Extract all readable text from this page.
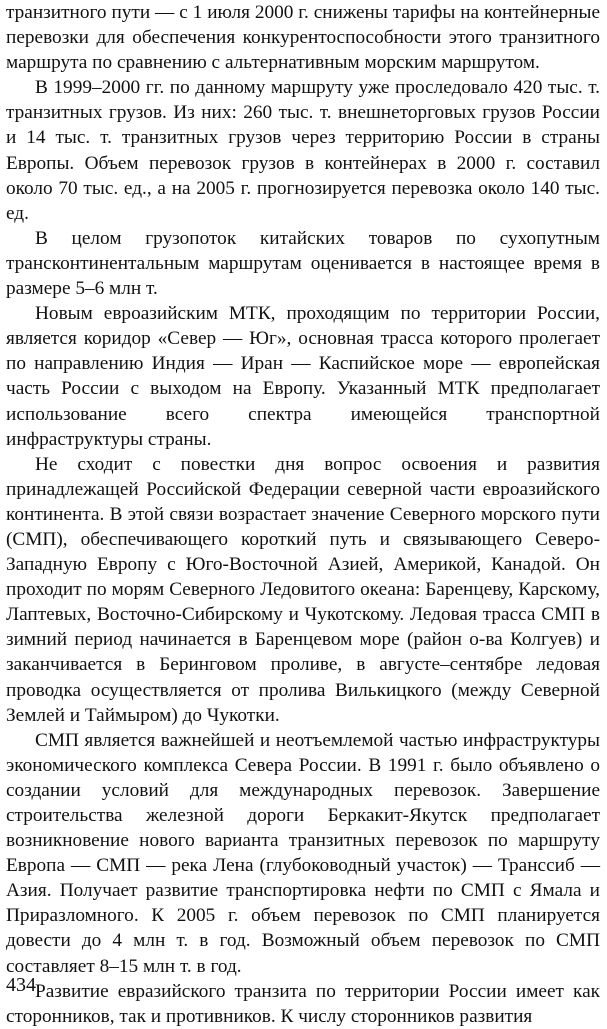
транзитного пути — с 1 июля 2000 г. снижены тарифы на контейнерные перевозки для обеспечения конкурентоспособности этого транзитного маршрута по сравнению с альтернативным морским маршрутом.

В 1999–2000 гг. по данному маршруту уже проследовало 420 тыс. т. транзитных грузов. Из них: 260 тыс. т. внешнеторговых грузов России и 14 тыс. т. транзитных грузов через территорию России в страны Европы. Объем перевозок грузов в контейнерах в 2000 г. составил около 70 тыс. ед., а на 2005 г. прогнозируется перевозка около 140 тыс. ед.

В целом грузопоток китайских товаров по сухопутным трансконтинентальным маршрутам оценивается в настоящее время в размере 5–6 млн т.

Новым евроазийским МТК, проходящим по территории России, является коридор «Север — Юг», основная трасса которого пролегает по направлению Индия — Иран — Каспийское море — европейская часть России с выходом на Европу. Указанный МТК предполагает использование всего спектра имеющейся транспортной инфраструктуры страны.

Не сходит с повестки дня вопрос освоения и развития принадлежащей Российской Федерации северной части евроазийского континента. В этой связи возрастает значение Северного морского пути (СМП), обеспечивающего короткий путь и связывающего Северо-Западную Европу с Юго-Восточной Азией, Америкой, Канадой. Он проходит по морям Северного Ледовитого океана: Баренцеву, Карскому, Лаптевых, Восточно-Сибирскому и Чукотскому. Ледовая трасса СМП в зимний период начинается в Баренцевом море (район о-ва Колгуев) и заканчивается в Беринговом проливе, в августе–сентябре ледовая проводка осуществляется от пролива Вилькицкого (между Северной Землей и Таймыром) до Чукотки.

СМП является важнейшей и неотъемлемой частью инфраструктуры экономического комплекса Севера России. В 1991 г. было объявлено о создании условий для международных перевозок. Завершение строительства железной дороги Беркакит-Якутск предполагает возникновение нового варианта транзитных перевозок по маршруту Европа — СМП — река Лена (глубоководный участок) — Транссиб — Азия. Получает развитие транспортировка нефти по СМП с Ямала и Приразломного. К 2005 г. объем перевозок по СМП планируется довести до 4 млн т. в год. Возможный объем перевозок по СМП составляет 8–15 млн т. в год.

Развитие евразийского транзита по территории России имеет как сторонников, так и противников. К числу сторонников развития

434
